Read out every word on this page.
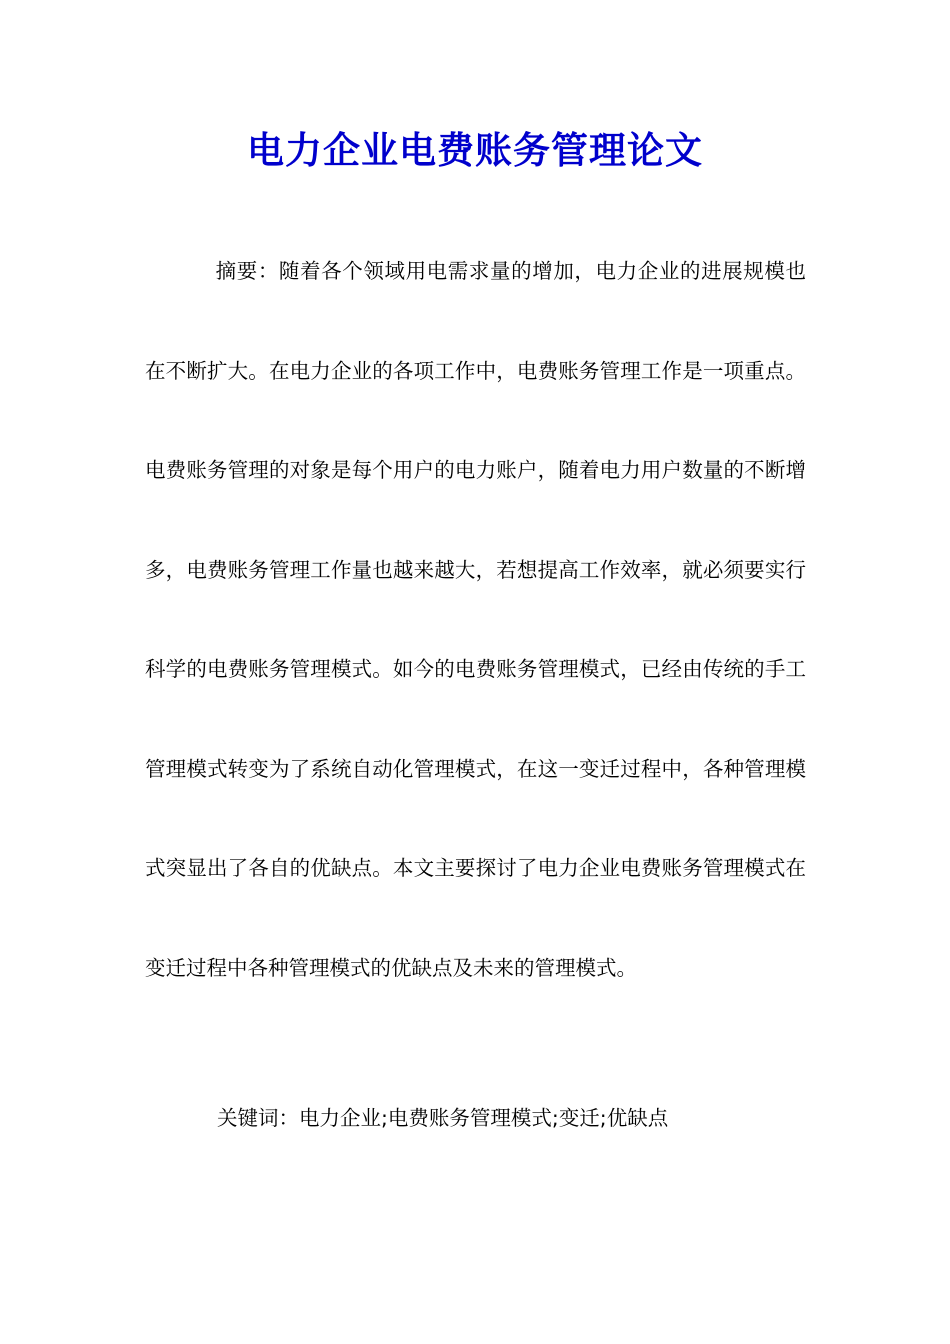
电力企业电费账务管理论文

摘要：随着各个领域用电需求量的增加，电力企业的进展规模也在不断扩大。在电力企业的各项工作中，电费账务管理工作是一项重点。电费账务管理的对象是每个用户的电力账户，随着电力用户数量的不断增多，电费账务管理工作量也越来越大，若想提高工作效率，就必须要实行科学的电费账务管理模式。如今的电费账务管理模式，已经由传统的手工管理模式转变为了系统自动化管理模式，在这一变迁过程中，各种管理模式突显出了各自的优缺点。本文主要探讨了电力企业电费账务管理模式在变迁过程中各种管理模式的优缺点及未来的管理模式。

关键词：电力企业;电费账务管理模式;变迁;优缺点
